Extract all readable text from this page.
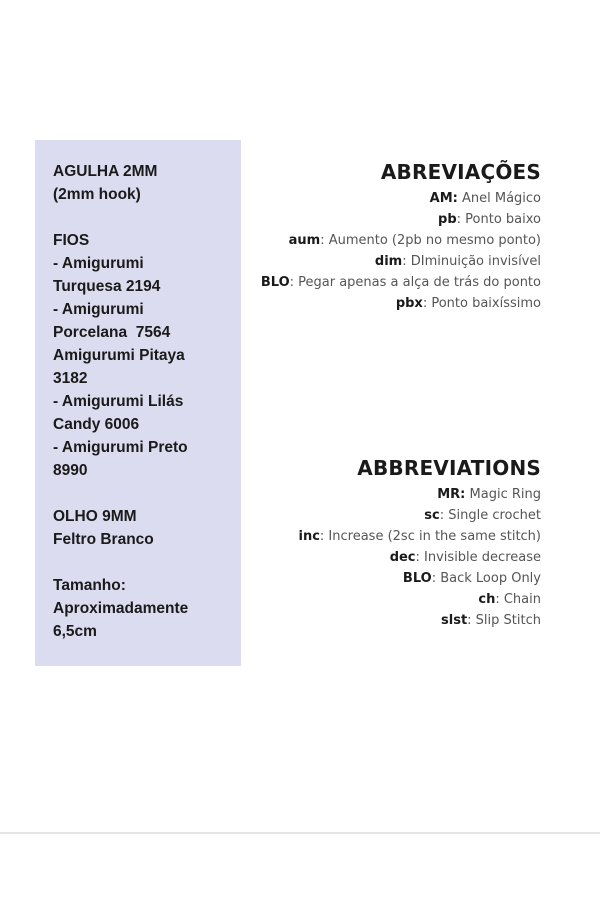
AGULHA 2MM
(2mm hook)
FIOS
- Amigurumi
Turquesa 2194
- Amigurumi
Porcelana  7564
Amigurumi Pitaya
3182
- Amigurumi Lilás
Candy 6006
- Amigurumi Preto
8990
OLHO 9MM
Feltro Branco
Tamanho:
Aproximadamente
6,5cm
ABREVIAÇÕES
AM: Anel Mágico
pb: Ponto baixo
aum: Aumento (2pb no mesmo ponto)
dim: DIminuição invisível
BLO: Pegar apenas a alça de trás do ponto
pbx: Ponto baixíssimo
ABBREVIATIONS
MR: Magic Ring
sc: Single crochet
inc: Increase (2sc in the same stitch)
dec: Invisible decrease
BLO: Back Loop Only
ch: Chain
slst: Slip Stitch
